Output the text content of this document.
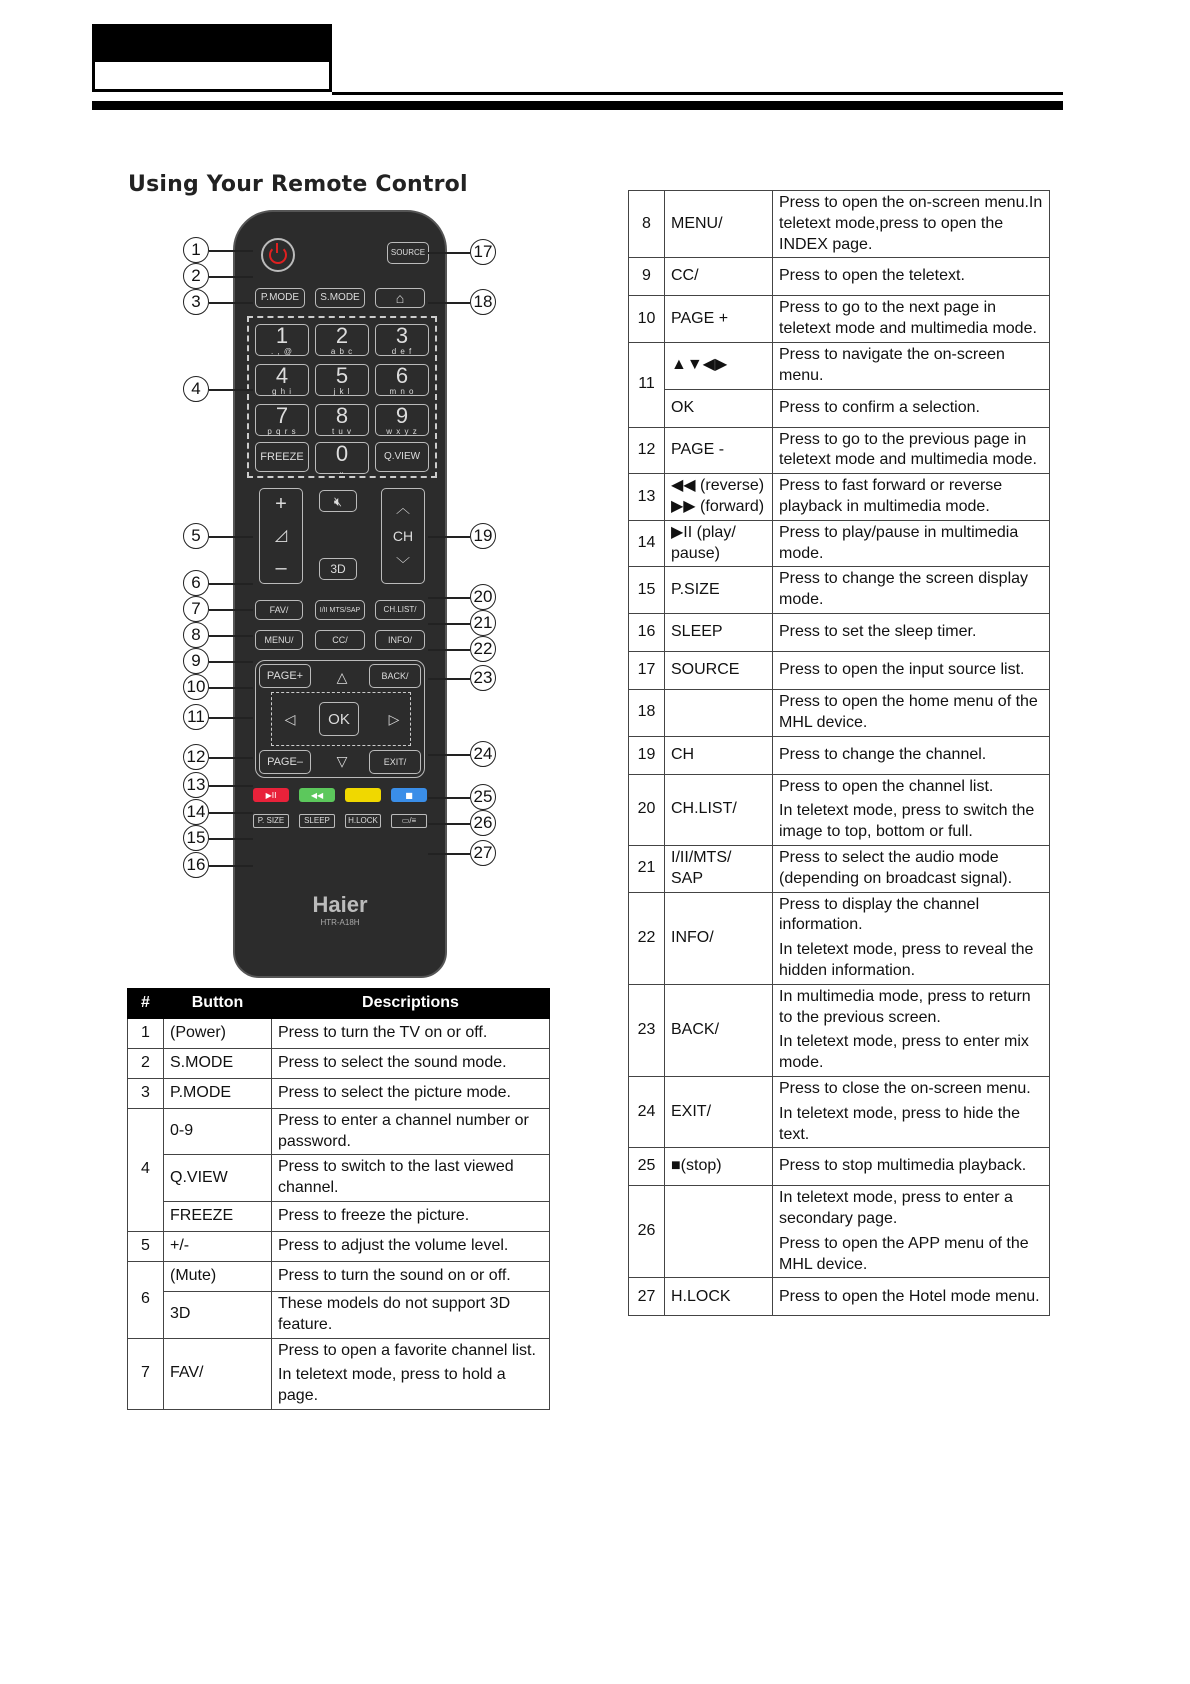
Using Your Remote Control
SOURCE
P.MODE	S.MODE	⌂
FREEZE	Q.VIEW
+
◿
–
🔇︎
3D
︿
CH
﹀
FAV/	I/II MTS/SAP	CH.LIST/
MENU/	CC/	INFO/
PAGE+	BACK/
PAGE–	EXIT/
△
▽
◁	▷
OK
▶II	◀◀	■
P. SIZE	SLEEP	H.LOCK	▭/≡
Haier
HTR-A18H
1
. , @
2
a b c
3
d e f
4
g h i
5
j k l
6
m n o
7
p q r s
8
t u v
9
w x y z
0
⎵
1
2
3
4
5
6
7
8
9
10
11
12
13
14
15
16
17
18
19
20
21
22
23
24
25
26
27
#	Button	Descriptions
1	(Power)	Press to turn the TV on or off.

2	S.MODE	Press to select the sound mode.

3	P.MODE	Press to select the picture mode.

4	0-9	Press to enter a channel number or password.

	Q.VIEW	Press to switch to the last viewed channel.

	FREEZE	Press to freeze the picture.

5	+/-	Press to adjust the volume level.

6	(Mute)	Press to turn the sound on or off.

	3D	These models do not support 3D feature.

7	FAV/	Press to open a favorite channel list.

In teletext mode, press to hold a page.

8	MENU/	Press to open the on-screen menu.In teletext mode,press to open the INDEX page.

9	CC/	Press to open the teletext.

10	PAGE +	Press to go to the next page in teletext mode and multimedia mode.

11	▲▼◀▶	Press to navigate the on-screen menu.

	OK	Press to confirm a selection.

12	PAGE -	Press to go to the previous page in teletext mode and multimedia mode.

13	◀◀ (reverse) ▶▶ (forward)	Press to fast forward or reverse playback in multimedia mode.

14	▶II (play/ pause)	Press to play/pause in multimedia mode.

15	P.SIZE	Press to change the screen display mode.

16	SLEEP	Press to set the sleep timer.

17	SOURCE	Press to open the input source list.

18		Press to open the home menu of the MHL device.

19	CH	Press to change the channel.

20	CH.LIST/	Press to open the channel list.

In teletext mode, press to switch the image to top, bottom or full.

21	I/II/MTS/ SAP	Press to select the audio mode (depending on broadcast signal).

22	INFO/	Press to display the channel information.

In teletext mode, press to reveal the hidden information.

23	BACK/	In multimedia mode, press to return to the previous screen.

In teletext mode, press to enter mix mode.

24	EXIT/	Press to close the on-screen menu.

In teletext mode, press to hide the text.

25	■(stop)	Press to stop multimedia playback.

26		In teletext mode, press to enter a secondary page.

Press to open the APP menu of the MHL device.

27	H.LOCK	Press to open the Hotel mode menu.
